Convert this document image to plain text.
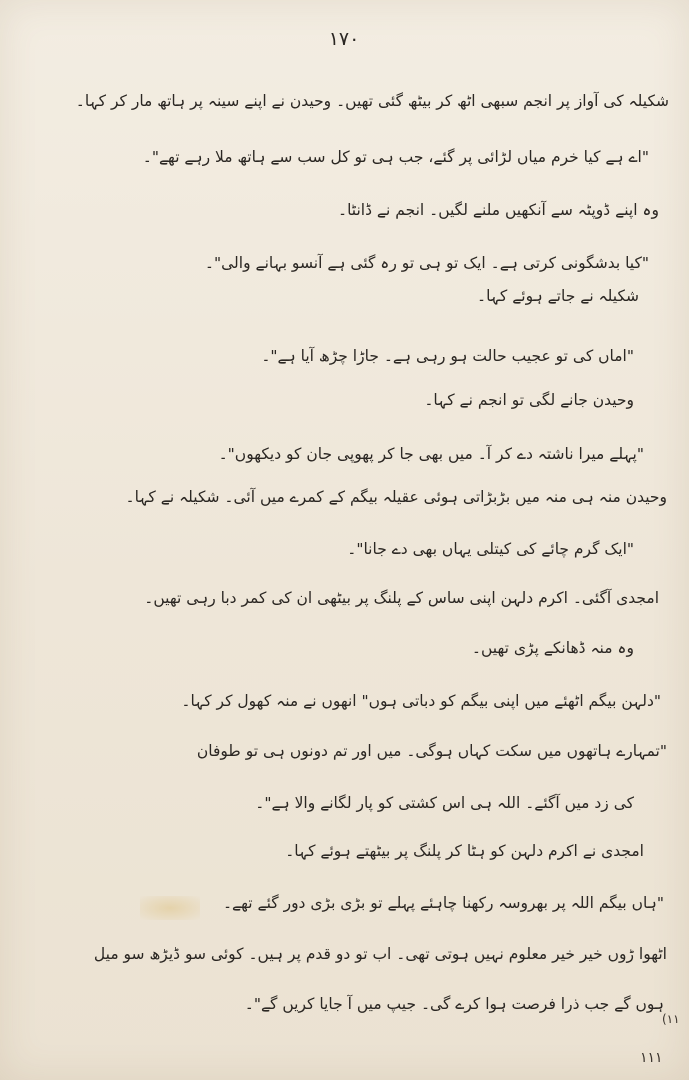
۱۷۰
شکیلہ کی آواز پر انجم سبھی اٹھ کر بیٹھ گئی تھیں۔ وحیدن نے اپنے سینہ پر ہاتھ مار کر کہا۔
"اے ہے کیا خرم میاں لڑائی پر گئے، جب ہی تو کل سب سے ہاتھ ملا رہے تھے"۔
وہ اپنے ڈوپٹہ سے آنکھیں ملنے لگیں۔ انجم نے ڈانٹا۔
"کیا بدشگونی کرتی ہے۔ ایک تو ہی تو رہ گئی ہے آنسو بہانے والی"۔
شکیلہ نے جاتے ہوئے کہا۔
"اماں کی تو عجیب حالت ہو رہی ہے۔ جاڑا چڑھ آیا ہے"۔
وحیدن جانے لگی تو انجم نے کہا۔
"پہلے میرا ناشتہ دے کر آ۔ میں بھی جا کر پھوپی جان کو دیکھوں"۔
وحیدن منہ ہی منہ میں بڑبڑاتی ہوئی عقیلہ بیگم کے کمرے میں آئی۔ شکیلہ نے کہا۔
"ایک گرم چائے کی کیتلی یہاں بھی دے جانا"۔
امجدی آگئی۔ اکرم دلہن اپنی ساس کے پلنگ پر بیٹھی ان کی کمر دبا رہی تھیں۔
وہ منہ ڈھانکے پڑی تھیں۔
"دلہن بیگم اٹھئے میں اپنی بیگم کو دباتی ہوں" انھوں نے منہ کھول کر کہا۔
"تمہارے ہاتھوں میں سکت کہاں ہوگی۔ میں اور تم دونوں ہی تو طوفان
کی زد میں آگئے۔ اللہ ہی اس کشتی کو پار لگانے والا ہے"۔
امجدی نے اکرم دلہن کو ہٹا کر پلنگ پر بیٹھتے ہوئے کہا۔
"ہاں بیگم اللہ پر بھروسہ رکھنا چاہئے پہلے تو بڑی بڑی دور گئے تھے۔
اٹھوا ڑوں خیر خیر معلوم نہیں ہوتی تھی۔ اب تو دو قدم پر ہیں۔ کوئی سو ڈیڑھ سو میل
ہوں گے جب ذرا فرصت ہوا کرے گی۔ جیپ میں آ جایا کریں گے"۔
(۱۱
۱۱۱
